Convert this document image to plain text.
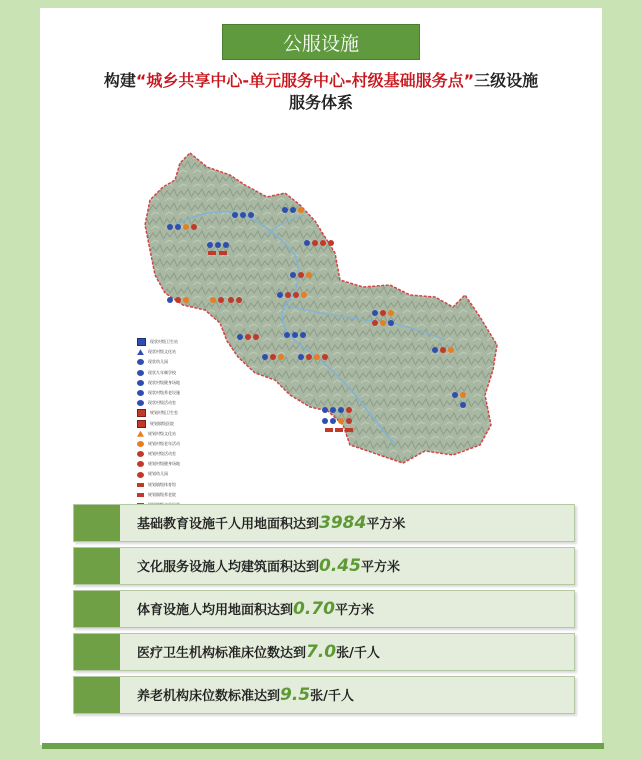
公服设施
构建“城乡共享中心-单元服务中心-村级基础服务点”三级设施
服务体系
现状村级卫生站
现状村级文化站
现状幼儿园
现状九年制学校
现状村级健身场地
现状村级养老设施
现状村级活动室
规划村级卫生室
规划镇级医院
规划村级文化站
规划村级老年活动
规划村级活动室
规划村级健身场地
规划幼儿园
规划镇级体育馆
规划镇级养老院
基础教育设施千人用地面积达到3984平方米
文化服务设施人均建筑面积达到0.45平方米
体育设施人均用地面积达到0.70平方米
医疗卫生机构标准床位数达到7.0张/千人
养老机构床位数标准达到9.5张/千人
